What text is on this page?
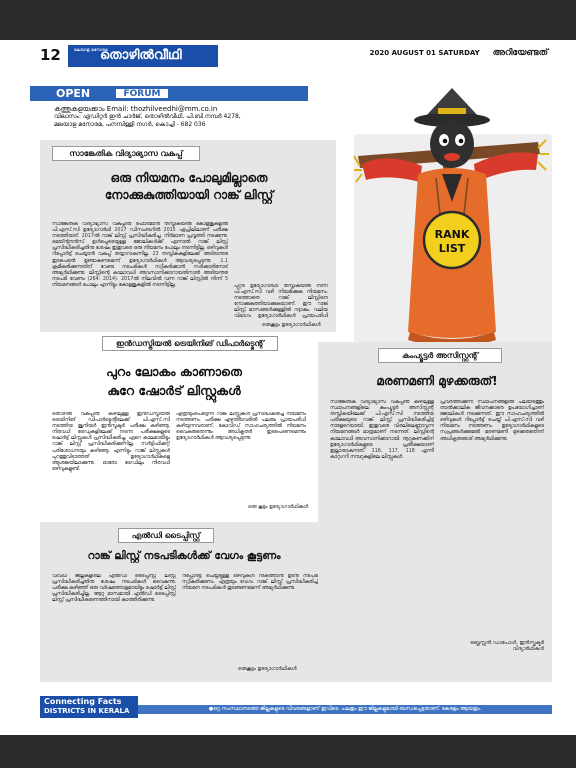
12	മലയാള മനോരമ
തൊഴിൽവീഥി	2020 AUGUST 01 SATURDAY അറിയേണ്ടത്
OPEN	FORUM
കത്തുകളയക്കാം Email: thozhilveedhi@mm.co.in
വിലാസം: എഡിറ്റർ ഇൻ ചാർജ്, തൊഴിൽവീഥി, പി.ബി.നമ്പർ 4278,
മലയാള മനോരമ, പനമ്പിള്ളി നഗർ, കൊച്ചി - 682 036
RANK
LIST
സാങ്കേതിക വിദ്യാഭ്യാസ വകുപ്പ്
ഒരു നിയമനം പോലുമില്ലാതെ
നോക്കുകുത്തിയായി റാങ്ക് ലിസ്റ്റ്
സാങ്കേതിക വിദ്യാഭ്യാസ വകുപ്പിൽ ഫോർമാൻ തസ്തികയിൽ കോളജുകളിൽ പി.എസ്.സി ഉദ്യോഗാർഥി 2017 ഡിസംബറിൽ 2015 ഏപ്രിലിലാണ് പരീക്ഷ നടത്തിയത്. 2017ൽ റാങ്ക് ലിസ്റ്റ് പ്രസിദ്ധീകരിച്ചു. നിർമാണ പ്രവൃത്തി നടക്കുന്നു. മെയ്ന്റനൻസ് ഉൾപ്പെടെയുള്ള ജോലികൾക്ക് എന്നാൽ റാങ്ക് ലിസ്റ്റ് പ്രസിദ്ധീകരിച്ചതിനു ശേഷം ഇതുവരെ ഒരു നിയമനം പോലും നടന്നിട്ടില്ല. ഒഴിവുകൾ റിപ്പോർട്ട് ചെയ്യാൻ വകുപ്പ് തയ്യാറാകുന്നില്ല. 23 തസ്തികകളിലേക്ക് അടിയന്തര ഇടപെടൽ ഉണ്ടാകണമെന്ന് ഉദ്യോഗാർഥികൾ ആവശ്യപ്പെടുന്നു. 1.1 ക്രമീകരിക്കുന്നതിന് വേണ്ട നടപടികൾ സ്വീകരിക്കാൻ സർക്കാരിനോട് അഭ്യർഥിക്കുന്നു. ലിസ്റ്റിന്റെ കാലാവധി അവസാനിക്കാറായതിനാൽ അടിയന്തര നടപടി വേണം (264: 2014). 2017ൽ നിലവിൽ വന്ന റാങ്ക് ലിസ്റ്റിൽ നിന്ന് 5 നിയമനങ്ങൾ പോലും എന്നിട്ടും കോളജുകളിൽ നടന്നിട്ടില്ല.	പുറ്റർ ഉദ്യോഗാർഥി തസ്തികയിൽ നിന്ന് പി.എസ്.സി വഴി നിയമിക്കുക നിയമനം. നടത്താതെ റാങ്ക് ലിസ്റ്റിനെ നോക്കുകുത്തിയാക്കുകയാണ്. ഈ റാങ്ക് ലിസ്റ്റ് മാസങ്ങൾക്കുള്ളിൽ റദ്ദാകും. വലിയ വിഭാഗം ഉദ്യോഗാർഥികൾ പ്രായപരിധി
ഒരുകൂട്ടം ഉദ്യോഗാർഥികൾ
ഇൻഡസ്ട്രിയൽ ട്രെയിനിങ് ഡിപാർട്മെന്റ്
പുറം ലോകം കാണാതെ
കുറേ ഷോർട് ലിസ്റ്റുകൾ
തൊഴിൽ വകുപ്പിനു കീഴിലുള്ള ഇൻഡസ്ട്രിയൽ ട്രെയിനിങ് ഡിപാർട്മെന്റിലേക്ക് പി.എസ്.സി നടത്തിയ ജൂനിയർ ഇൻസ്ട്രക്ടർ പരീക്ഷ കഴിഞ്ഞു. നിരവധി ട്രേഡുകളിലേക്ക് നടന്ന പരീക്ഷകളുടെ ഷോർട്ട് ലിസ്റ്റുകൾ പ്രസിദ്ധീകരിച്ചു. ഏറെ കാലമായിട്ടും റാങ്ക് ലിസ്റ്റ് പ്രസിദ്ധീകരിക്കുന്നില്ല. സർട്ടിഫിക്കറ്റ് പരിശോധനയും കഴിഞ്ഞു. എന്നിട്ടും റാങ്ക് ലിസ്റ്റുകൾ പുറത്തുവിടാത്തത് ഉദ്യോഗാർഥികളെ ആശങ്കയിലാക്കുന്നു. ഓരോ ട്രേഡിലും നിരവധി ഒഴിവുകളുണ്ട്.
എത്രയുംപെട്ടെന്ന് റാങ്ക് ലിസ്റ്റുകൾ പ്രസിദ്ധീകരിച്ച് നിയമനം നടത്തണം. പരീക്ഷ എഴുതിയവരിൽ പലരും പ്രായപരിധി കഴിയുന്നവരാണ്. കോവിഡ് സാഹചര്യത്തിൽ നിയമനം വൈകരുതെന്നും അധികൃതർ ഇടപെടണമെന്നും ഉദ്യോഗാർഥികൾ ആവശ്യപ്പെടുന്നു.
ഒരു കൂട്ടം ഉദ്യോഗാർഥികൾ
എൽഡി ടൈപ്പിസ്റ്റ്
റാങ്ക് ലിസ്റ്റ് നടപടികൾക്ക് വേഗം കൂട്ടണം
വിവിധ ജില്ലകളിലെ എൽഡി ടൈപ്പിസ്റ്റ് ലിസ്റ്റ് പ്രസിദ്ധീകരിച്ചതിനു ശേഷം നടപടികൾ വൈകുന്നു. പരീക്ഷ കഴിഞ്ഞ് ഒരു വർഷത്തോളമായിട്ടും ഷോർട്ട് ലിസ്റ്റ് പ്രസിദ്ധീകരിച്ചില്ല. ആറു മാസമായി എൽഡി ടൈപ്പിസ്റ്റ് ലിസ്റ്റ് പ്രസിദ്ധീകരണത്തിനായി കാത്തിരിക്കുന്നു.
റിപ്പോർട്ട് ചെയ്തിട്ടുള്ള ഒഴിവുകൾ നികത്താൻ ഉടൻ നടപടി സ്വീകരിക്കണം. എത്രയും വേഗം റാങ്ക് ലിസ്റ്റ് പ്രസിദ്ധീകരിച്ച് നിയമന നടപടികൾ തുടങ്ങണമെന്ന് അഭ്യർഥിക്കുന്നു.
ഒരുകൂട്ടം ഉദ്യോഗാർഥികൾ
കംപ്യൂട്ടർ അസിസ്റ്റന്റ്
മരണമണി മുഴക്കരുത്!
സാങ്കേതിക വിദ്യാഭ്യാസ വകുപ്പിനു കീഴിലുള്ള സ്ഥാപനങ്ങളിലെ കംപ്യൂട്ടർ അസിസ്റ്റന്റ് തസ്തികയിലേക്ക് പി.എസ്.സി നടത്തിയ പരീക്ഷയുടെ റാങ്ക് ലിസ്റ്റ് പ്രസിദ്ധീകരിച്ചിട്ട് നാളേറെയായി. ഇതുവരെ വിരലിലെണ്ണാവുന്ന നിയമനങ്ങൾ മാത്രമാണ് നടന്നത്. ലിസ്റ്റിന്റെ കാലാവധി അവസാനിക്കാറായി. നൂറുകണക്കിന് ഉദ്യോഗാർഥികളുടെ പ്രതീക്ഷയാണ് ഇല്ലാതാകുന്നത്. 116, 117, 118 എന്നീ കാറ്റഗറി നമ്പറുകളിലെ ലിസ്റ്റുകൾ.
പ്രവർത്തിക്കുന്ന സ്ഥാപനങ്ങളിൽ പലയിടത്തും താൽക്കാലിക ജീവനക്കാരെ ഉപയോഗിച്ചാണ് ജോലികൾ നടക്കുന്നത്. ഈ സാഹചര്യത്തിൽ ഒഴിവുകൾ റിപ്പോർട്ട് ചെയ്ത് പി.എസ്.സി വഴി നിയമനം നടത്തണം. ഉദ്യോഗാർഥികളുടെ സ്വപ്നങ്ങൾക്കുമേൽ മരണമണി മുഴക്കരുതെന്ന് അധികൃതരോട് അഭ്യർഥിക്കുന്നു.
ബ്ലെസ്സൻ ഡാപോൾ, ഇൻസ്ട്രക്ടർ
വിദ്യാർഥികൾ
Connecting Facts
DISTRICTS IN KERALA	●ഒറ്റ സംസ്ഥാനത്തെ ജില്ലകളുടെ വിവരങ്ങളാണ് ഇവിടെ. പലതും ഈ ജില്ലകളുമായി ബന്ധപ്പെട്ടതാണ്. കേരളം ആയതും.
